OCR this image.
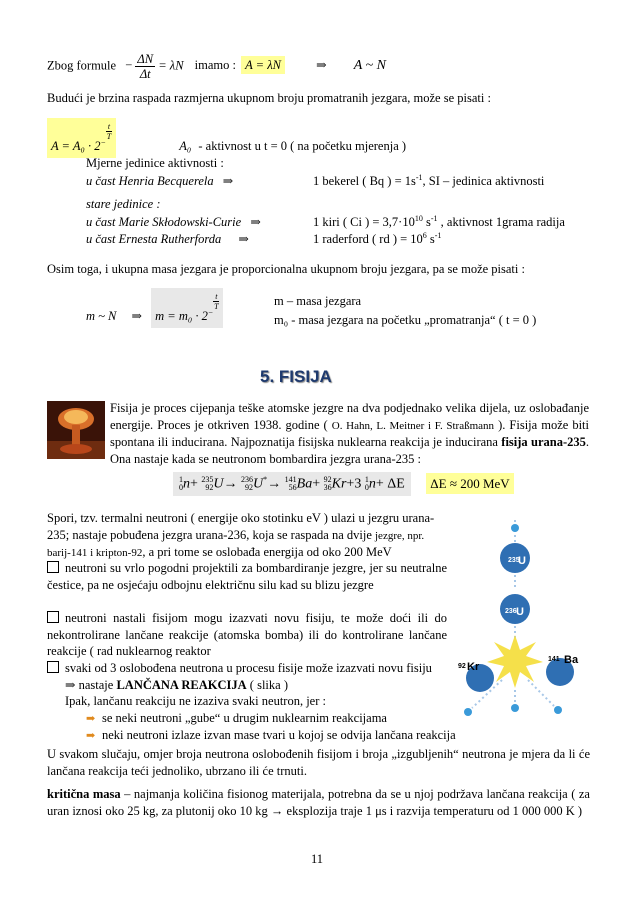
Zbog formule − $\frac{\Delta N}{\Delta t} = \lambda N$ imamo : A = λN	⇒ A ~ N
Budući je brzina raspada razmjerna ukupnom broju promatranih jezgara, može se pisati :
$A = A_0 \cdot 2^{- \frac{t}{T}}$
A₀ - aktivnost u t = 0 ( na početku mjerenja )
Mjerne jedinice aktivnosti :
u čast Henria Becquerela ⇒	1 bekerel ( Bq ) = $1s^{-1}$, SI – jedinica aktivnosti
stare jedinice :
u čast Marie Skłodowski-Curie ⇒	1 kiri ( Ci ) = $3,7\cdot 10^{10}$ $s^{-1}$ , aktivnost 1grama radija
u čast Ernesta Rutherforda ⇒	1 raderford ( rd ) = $10^6$ $s^{-1}$
Osim toga, i ukupna masa jezgara je proporcionalna ukupnom broju jezgara, pa se može pisati :
m ~ N ⇒ $m = m_0 \cdot 2^{- \frac{t}{T}}$	m – masa jezgara
m₀ - masa jezgara na početku „promatranja“ ( t = 0 )
5. FISIJA
Fisija je proces cijepanja teške atomske jezgre na dva podjednako velika dijela, uz oslobađanje energije. Proces je otkriven 1938. godine ( O. Hahn, L. Meitner i F. Straßmann ). Fisija može biti spontana ili inducirana. Najpoznatija fisijska nuklearna reakcija je inducirana fisija urana-235. Ona nastaje kada se neutronom bombardira jezgra urana-235 :
1
0n+ 235
92U→ 236
92U*→ 141
56Ba+ 92
36Kr+3 1
0n+ ΔE ΔE ≈ 200 MeV
Spori, tzv. termalni neutroni ( energije oko stotinku eV ) ulazi u jezgru urana-235; nastaje pobuđena jezgra urana-236, koja se raspada na dvije jezgre, npr. barij-141 i kripton-92, a pri tome se oslobađa energija od oko 200 MeV
neutroni su vrlo pogodni projektili za bombardiranje jezgre, jer su neutralne čestice, pa ne osjećaju odbojnu električnu silu kad su blizu jezgre
neutroni nastali fisijom mogu izazvati novu fisiju, te može doći ili do nekontrolirane lančane reakcije (atomska bomba) ili do kontrolirane lančane reakcije ( rad nuklearnog reaktor
svaki od 3 oslobođena neutrona u procesu fisije može izazvati novu fisiju
⇒ nastaje LANČANA REAKCIJA ( slika )
Ipak, lančanu reakciju ne izaziva svaki neutron, jer :
➡ se neki neutroni „gube“ u drugim nuklearnim reakcijama
➡ neki neutroni izlaze izvan mase tvari u kojoj se odvija lančana reakcija
235
U
236 U
92 Kr
141 Ba
U svakom slučaju, omjer broja neutrona oslobođenih fisijom i broja „izgubljenih“ neutrona je mjera da li će lančana reakcija teći jednoliko, ubrzano ili će trnuti.
kritična masa – najmanja količina fisionog materijala, potrebna da se u njoj podržava lančana reakcija ( za uran iznosi oko 25 kg, za plutonij oko 10 kg → eksplozija traje 1 μs i razvija temperaturu od 1 000 000 K )
11
